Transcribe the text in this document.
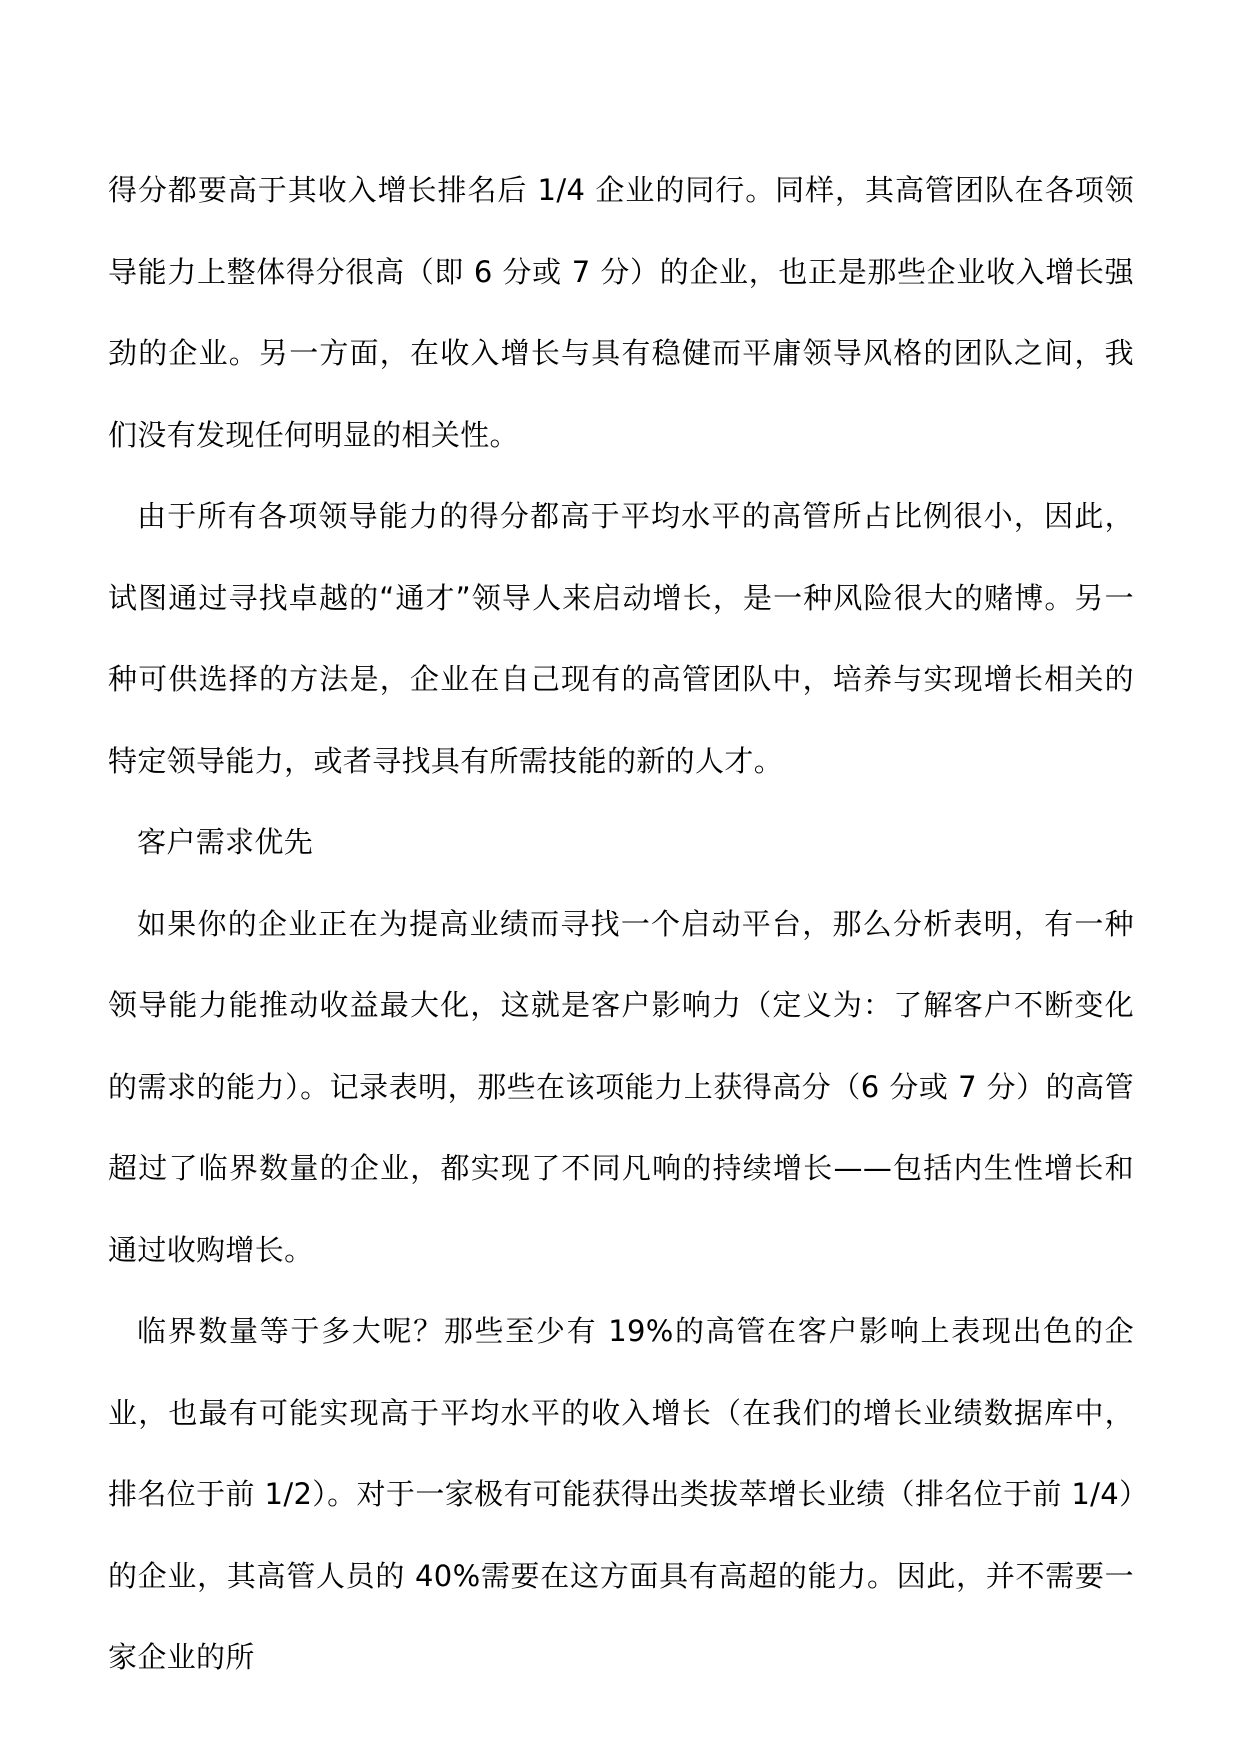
得分都要高于其收入增长排名后 1/4 企业的同行。同样，其高管团队在各项领导能力上整体得分很高（即 6 分或 7 分）的企业，也正是那些企业收入增长强劲的企业。另一方面，在收入增长与具有稳健而平庸领导风格的团队之间，我们没有发现任何明显的相关性。

由于所有各项领导能力的得分都高于平均水平的高管所占比例很小，因此，试图通过寻找卓越的“通才”领导人来启动增长，是一种风险很大的赌博。另一种可供选择的方法是，企业在自己现有的高管团队中，培养与实现增长相关的特定领导能力，或者寻找具有所需技能的新的人才。

客户需求优先

如果你的企业正在为提高业绩而寻找一个启动平台，那么分析表明，有一种领导能力能推动收益最大化，这就是客户影响力（定义为：了解客户不断变化的需求的能力）。记录表明，那些在该项能力上获得高分（6 分或 7 分）的高管超过了临界数量的企业，都实现了不同凡响的持续增长——包括内生性增长和通过收购增长。

临界数量等于多大呢？那些至少有 19%的高管在客户影响上表现出色的企业，也最有可能实现高于平均水平的收入增长（在我们的增长业绩数据库中，排名位于前 1/2）。对于一家极有可能获得出类拔萃增长业绩（排名位于前 1/4）的企业，其高管人员的 40%需要在这方面具有高超的能力。因此，并不需要一家企业的所
